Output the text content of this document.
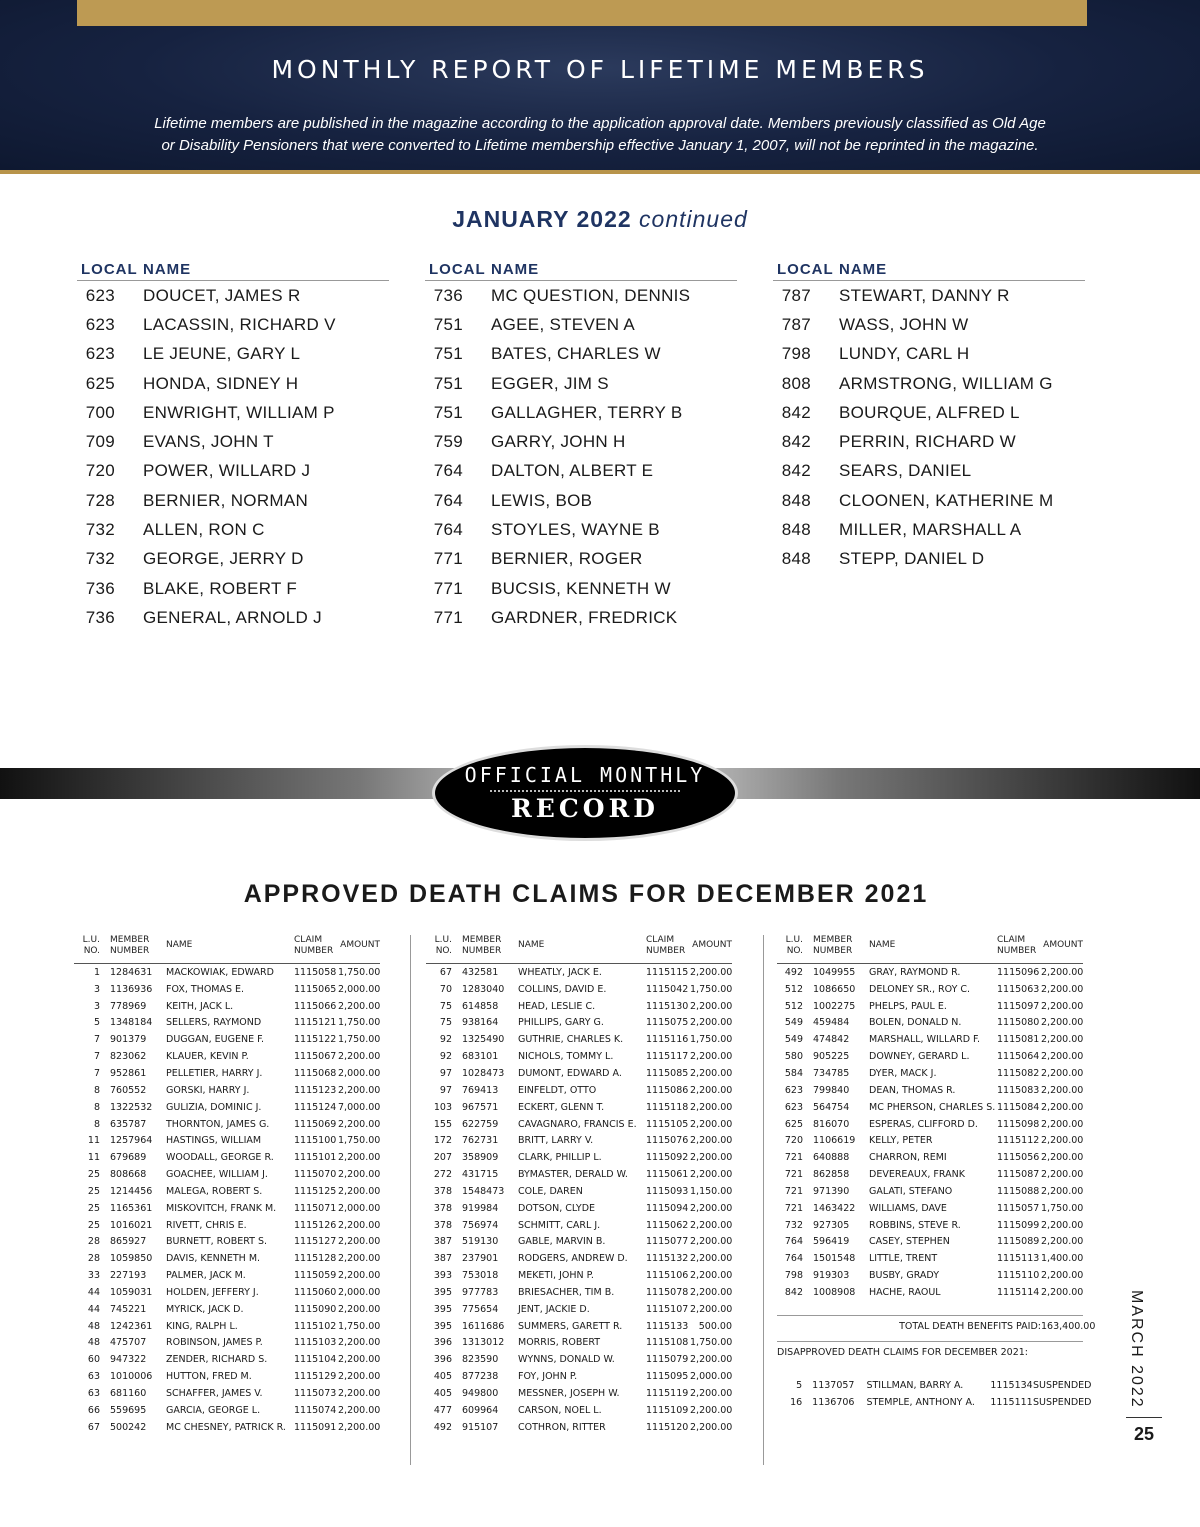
MONTHLY REPORT OF LIFETIME MEMBERS
Lifetime members are published in the magazine according to the application approval date. Members previously classified as Old Age
or Disability Pensioners that were converted to Lifetime membership effective January 1, 2007, will not be reprinted in the magazine.
JANUARY 2022 continued
LOCAL NAME
623 DOUCET, JAMES R
623 LACASSIN, RICHARD V
623 LE JEUNE, GARY L
625 HONDA, SIDNEY H
700 ENWRIGHT, WILLIAM P
709 EVANS, JOHN T
720 POWER, WILLARD J
728 BERNIER, NORMAN
732 ALLEN, RON C
732 GEORGE, JERRY D
736 BLAKE, ROBERT F
736 GENERAL, ARNOLD J
LOCAL NAME
736 MC QUESTION, DENNIS
751 AGEE, STEVEN A
751 BATES, CHARLES W
751 EGGER, JIM S
751 GALLAGHER, TERRY B
759 GARRY, JOHN H
764 DALTON, ALBERT E
764 LEWIS, BOB
764 STOYLES, WAYNE B
771 BERNIER, ROGER
771 BUCSIS, KENNETH W
771 GARDNER, FREDRICK
LOCAL NAME
787 STEWART, DANNY R
787 WASS, JOHN W
798 LUNDY, CARL H
808 ARMSTRONG, WILLIAM G
842 BOURQUE, ALFRED L
842 PERRIN, RICHARD W
842 SEARS, DANIEL
848 CLOONEN, KATHERINE M
848 MILLER, MARSHALL A
848 STEPP, DANIEL D
OFFICIAL MONTHLY
RECORD
APPROVED DEATH CLAIMS FOR DECEMBER 2021
L.U.
NO.
MEMBER
NUMBER
NAME	CLAIM
NUMBER
AMOUNT
1	1284631	MACKOWIAK, EDWARD	1115058 1,750.00
3	1136936	FOX, THOMAS E.	1115065 2,000.00
3	778969	KEITH, JACK L.	1115066 2,200.00
5	1348184	SELLERS, RAYMOND	1115121 1,750.00
7	901379	DUGGAN, EUGENE F.	1115122 1,750.00
7	823062	KLAUER, KEVIN P.	1115067 2,200.00
7	952861	PELLETIER, HARRY J.	1115068 2,000.00
8	760552	GORSKI, HARRY J.	1115123 2,200.00
8	1322532	GULIZIA, DOMINIC J.	1115124 7,000.00
8	635787	THORNTON, JAMES G.	1115069 2,200.00
11	1257964	HASTINGS, WILLIAM	1115100 1,750.00
11	679689	WOODALL, GEORGE R.	1115101 2,200.00
25	808668	GOACHEE, WILLIAM J.	1115070 2,200.00
25	1214456	MALEGA, ROBERT S.	1115125 2,200.00
25	1165361	MISKOVITCH, FRANK M.	1115071 2,000.00
25	1016021	RIVETT, CHRIS E.	1115126 2,200.00
28	865927	BURNETT, ROBERT S.	1115127 2,200.00
28	1059850	DAVIS, KENNETH M.	1115128 2,200.00
33	227193	PALMER, JACK M.	1115059 2,200.00
44	1059031	HOLDEN, JEFFERY J.	1115060 2,000.00
44	745221	MYRICK, JACK D.	1115090 2,200.00
48	1242361	KING, RALPH L.	1115102 1,750.00
48	475707	ROBINSON, JAMES P.	1115103 2,200.00
60	947322	ZENDER, RICHARD S.	1115104 2,200.00
63	1010006	HUTTON, FRED M.	1115129 2,200.00
63	681160	SCHAFFER, JAMES V.	1115073 2,200.00
66	559695	GARCIA, GEORGE L.	1115074 2,200.00
67	500242	MC CHESNEY, PATRICK R. 1115091 2,200.00
L.U.
NO.
MEMBER
NUMBER
NAME	CLAIM
NUMBER
AMOUNT
67	432581	WHEATLY, JACK E.	1115115 2,200.00
70	1283040	COLLINS, DAVID E.	1115042 1,750.00
75	614858	HEAD, LESLIE C.	1115130 2,200.00
75	938164	PHILLIPS, GARY G.	1115075 2,200.00
92	1325490	GUTHRIE, CHARLES K.	1115116 1,750.00
92	683101	NICHOLS, TOMMY L.	1115117 2,200.00
97	1028473	DUMONT, EDWARD A.	1115085 2,200.00
97	769413	EINFELDT, OTTO	1115086 2,200.00
103	967571	ECKERT, GLENN T.	1115118 2,200.00
155	622759	CAVAGNARO, FRANCIS E. 1115105 2,200.00
172	762731	BRITT, LARRY V.	1115076 2,200.00
207	358909	CLARK, PHILLIP L.	1115092 2,200.00
272	431715	BYMASTER, DERALD W.	1115061 2,200.00
378	1548473	COLE, DAREN	1115093 1,150.00
378	919984	DOTSON, CLYDE	1115094 2,200.00
378	756974	SCHMITT, CARL J.	1115062 2,200.00
387	519130	GABLE, MARVIN B.	1115077 2,200.00
387	237901	RODGERS, ANDREW D.	1115132 2,200.00
393	753018	MEKETI, JOHN P.	1115106 2,200.00
395	977783	BRIESACHER, TIM B.	1115078 2,200.00
395	775654	JENT, JACKIE D.	1115107 2,200.00
395	1611686	SUMMERS, GARETT R.	1115133	500.00
396	1313012	MORRIS, ROBERT	1115108 1,750.00
396	823590	WYNNS, DONALD W.	1115079 2,200.00
405	877238	FOY, JOHN P.	1115095 2,000.00
405	949800	MESSNER, JOSEPH W.	1115119 2,200.00
477	609964	CARSON, NOEL L.	1115109 2,200.00
492	915107	COTHRON, RITTER	1115120 2,200.00
L.U.
NO.
MEMBER
NUMBER
NAME	CLAIM
NUMBER
AMOUNT
492	1049955	GRAY, RAYMOND R.	1115096 2,200.00
512	1086650	DELONEY SR., ROY C.	1115063 2,200.00
512	1002275	PHELPS, PAUL E.	1115097 2,200.00
549	459484	BOLEN, DONALD N.	1115080 2,200.00
549	474842	MARSHALL, WILLARD F.	1115081 2,200.00
580	905225	DOWNEY, GERARD L.	1115064 2,200.00
584	734785	DYER, MACK J.	1115082 2,200.00
623	799840	DEAN, THOMAS R.	1115083 2,200.00
623	564754	MC PHERSON, CHARLES S. 1115084 2,200.00
625	816070	ESPERAS, CLIFFORD D.	1115098 2,200.00
720	1106619	KELLY, PETER	1115112 2,200.00
721	640888	CHARRON, REMI	1115056 2,200.00
721	862858	DEVEREAUX, FRANK	1115087 2,200.00
721	971390	GALATI, STEFANO	1115088 2,200.00
721	1463422	WILLIAMS, DAVE	1115057 1,750.00
732	927305	ROBBINS, STEVE R.	1115099 2,200.00
764	596419	CASEY, STEPHEN	1115089 2,200.00
764	1501548	LITTLE, TRENT	1115113 1,400.00
798	919303	BUSBY, GRADY	1115110 2,200.00
842	1008908	HACHE, RAOUL	1115114 2,200.00
TOTAL DEATH BENEFITS PAID: 163,400.00
DISAPPROVED DEATH CLAIMS FOR DECEMBER 2021:
5	1137057	STILLMAN, BARRY A.	1115134 SUSPENDED
16	1136706	STEMPLE, ANTHONY A.	1115111 SUSPENDED MARCH 2022
25
